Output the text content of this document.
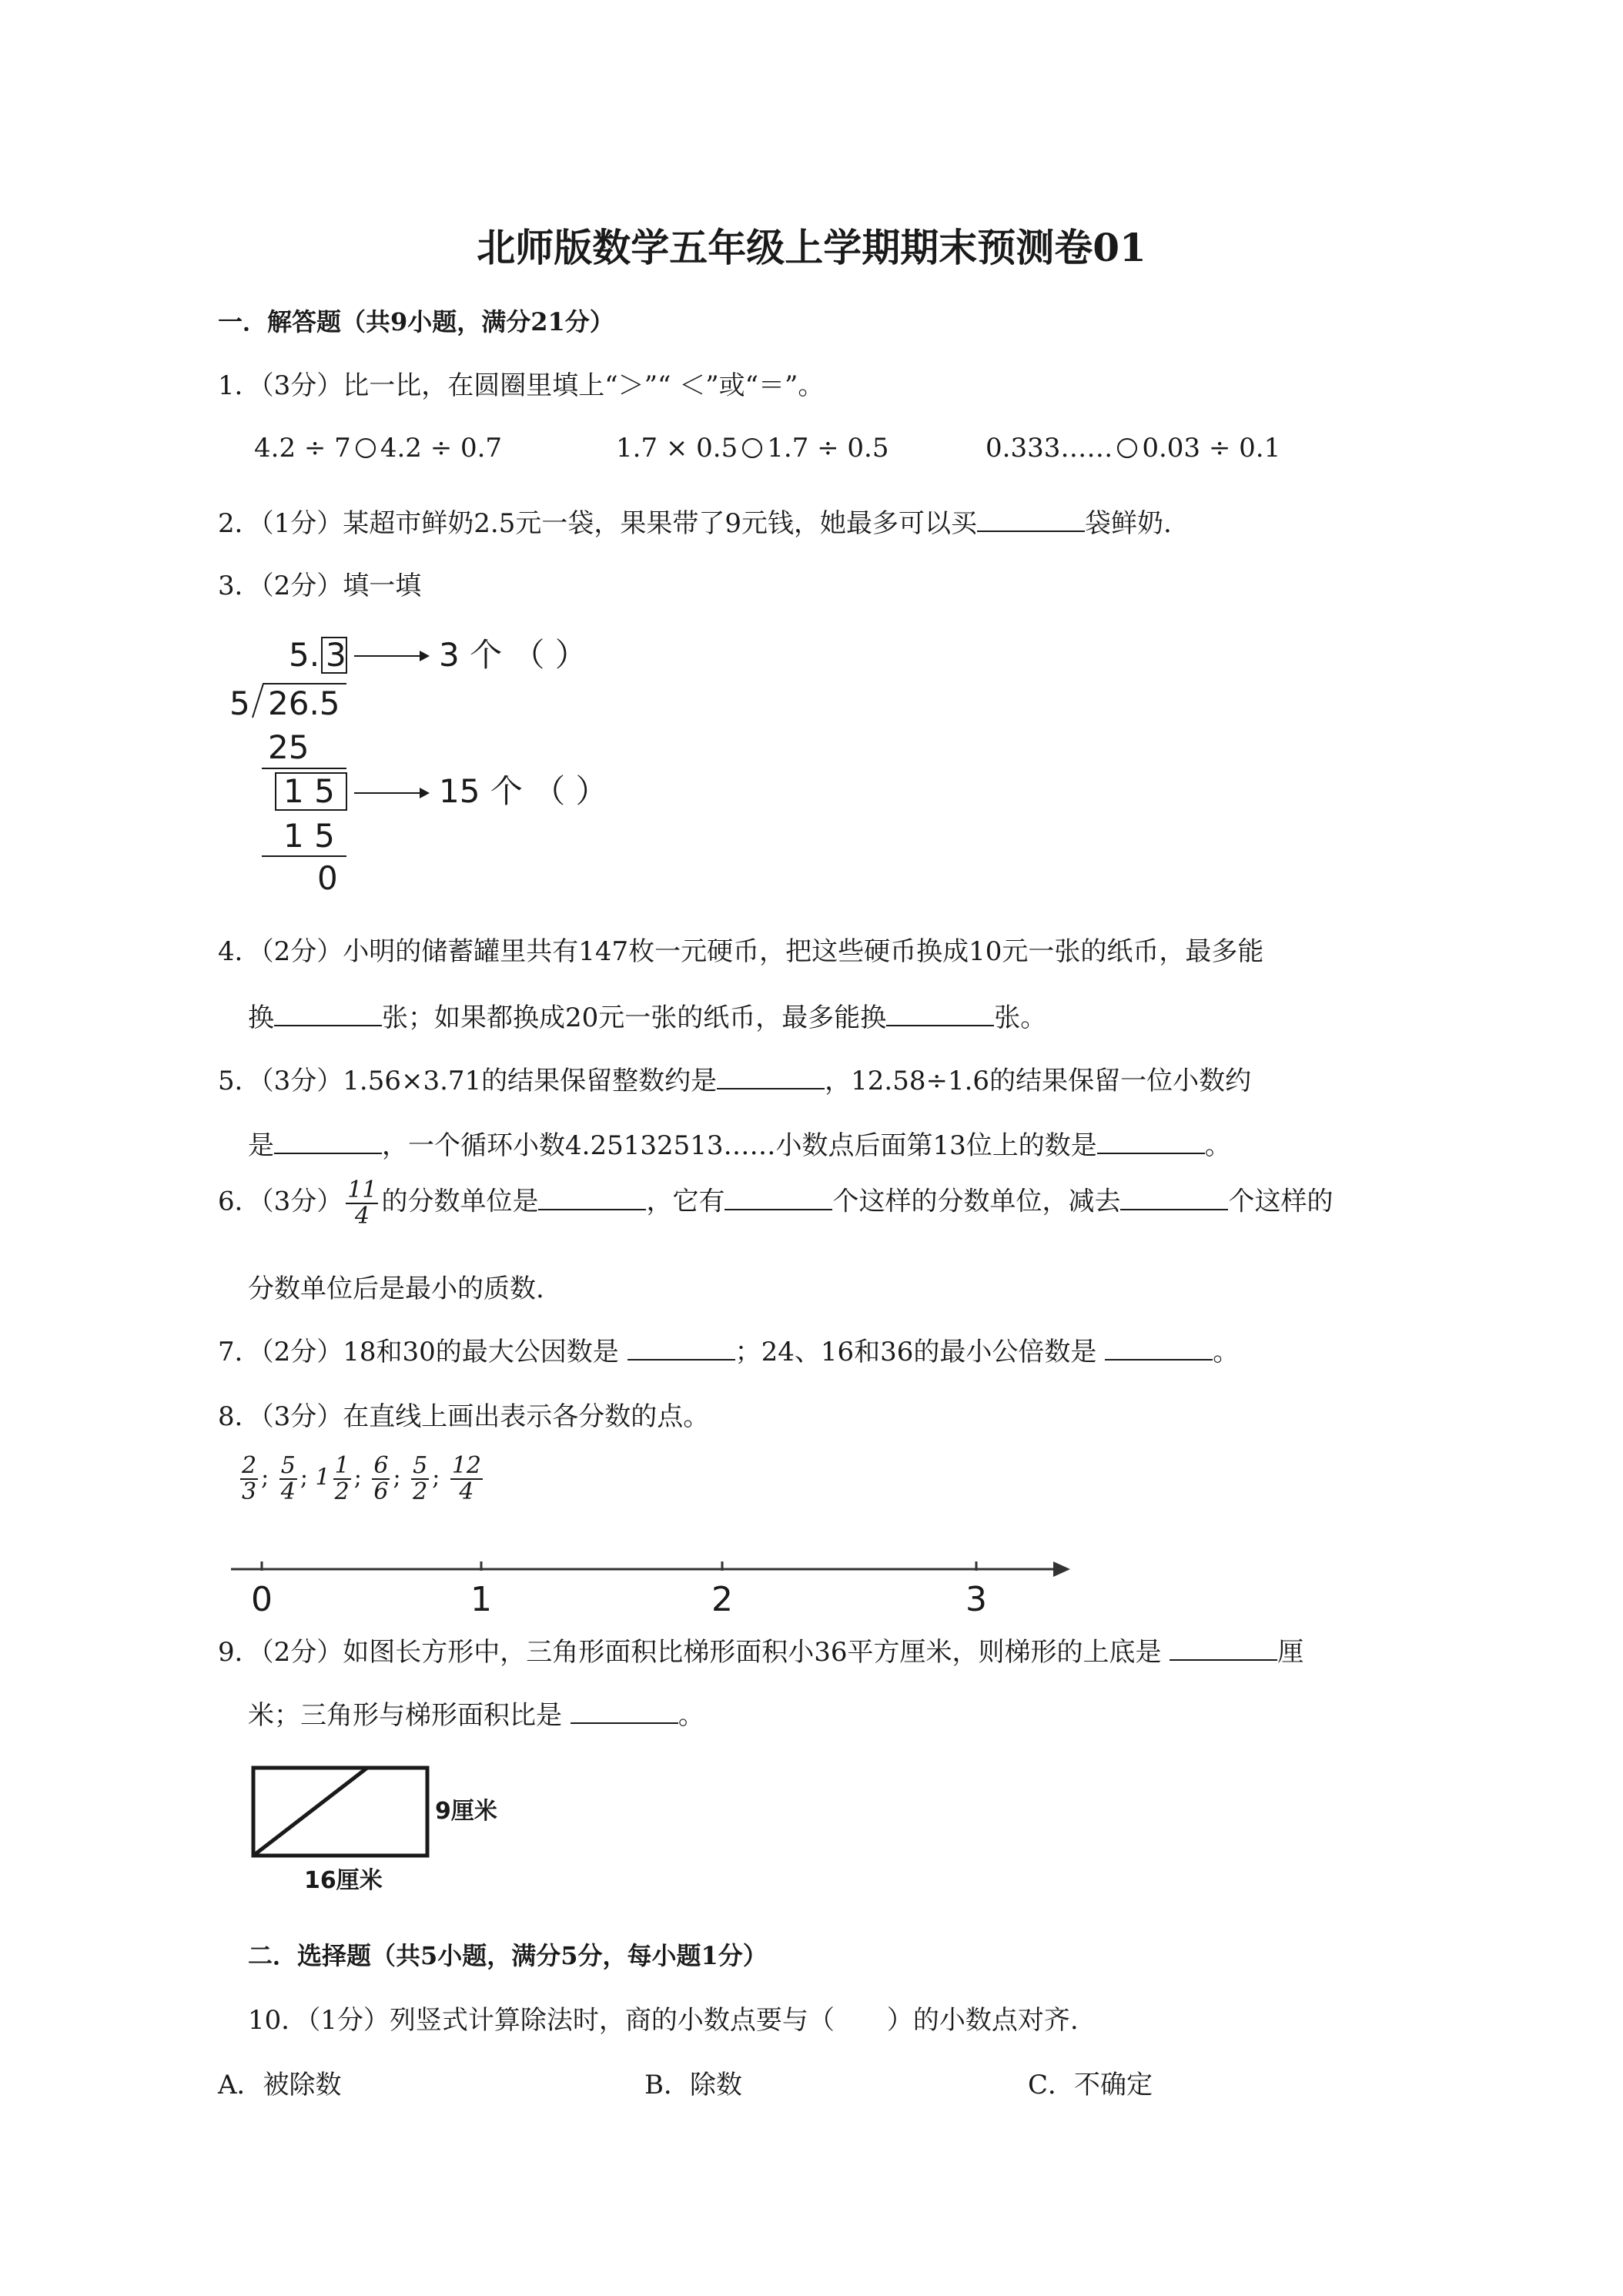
北师版数学五年级上学期期末预测卷01
一．解答题（共9小题，满分21分）
1．（3分）比一比，在圆圈里填上“＞”“ ＜”或“＝”。
4.2 ÷ 7 4.2 ÷ 0.7	1.7 × 0.5 1.7 ÷ 0.5	0.333…… 0.03 ÷ 0.1
2．（1分）某超市鲜奶2.5元一袋，果果带了9元钱，她最多可以买	袋鲜奶.
3．（2分）填一填
5. 3	3 个 （ ）
5 26.5
25
1 5	15 个 （ ）
1 5
0
4．（2分）小明的储蓄罐里共有147枚一元硬币，把这些硬币换成10元一张的纸币，最多能
换	张；如果都换成20元一张的纸币，最多能换	张。
5．（3分）1.56×3.71的结果保留整数约是	，12.58÷1.6的结果保留一位小数约
是	，一个循环小数4.25132513……小数点后面第13位上的数是	。
6．（3分） $\frac{11}{4}$ 的分数单位是	，它有	个这样的分数单位，减去	个这样的
分数单位后是最小的质数.
7．（2分）18和30的最大公因数是	；24、16和36的最小公倍数是	。
8．（3分）在直线上画出表示各分数的点。
$\frac{2}{3}$ ; $\frac{5}{4}$ ; $1 \frac{1}{2}$ ; $\frac{6}{6}$ ; $\frac{5}{2}$ ; $\frac{12}{4}$
0	1	2	3
9．（2分）如图长方形中，三角形面积比梯形面积小36平方厘米，则梯形的上底是	厘
米；三角形与梯形面积比是	。
9厘米
16厘米
二．选择题（共5小题，满分5分，每小题1分）
10．（1分）列竖式计算除法时，商的小数点要与（　　）的小数点对齐.
A．被除数	B．除数	C．不确定
